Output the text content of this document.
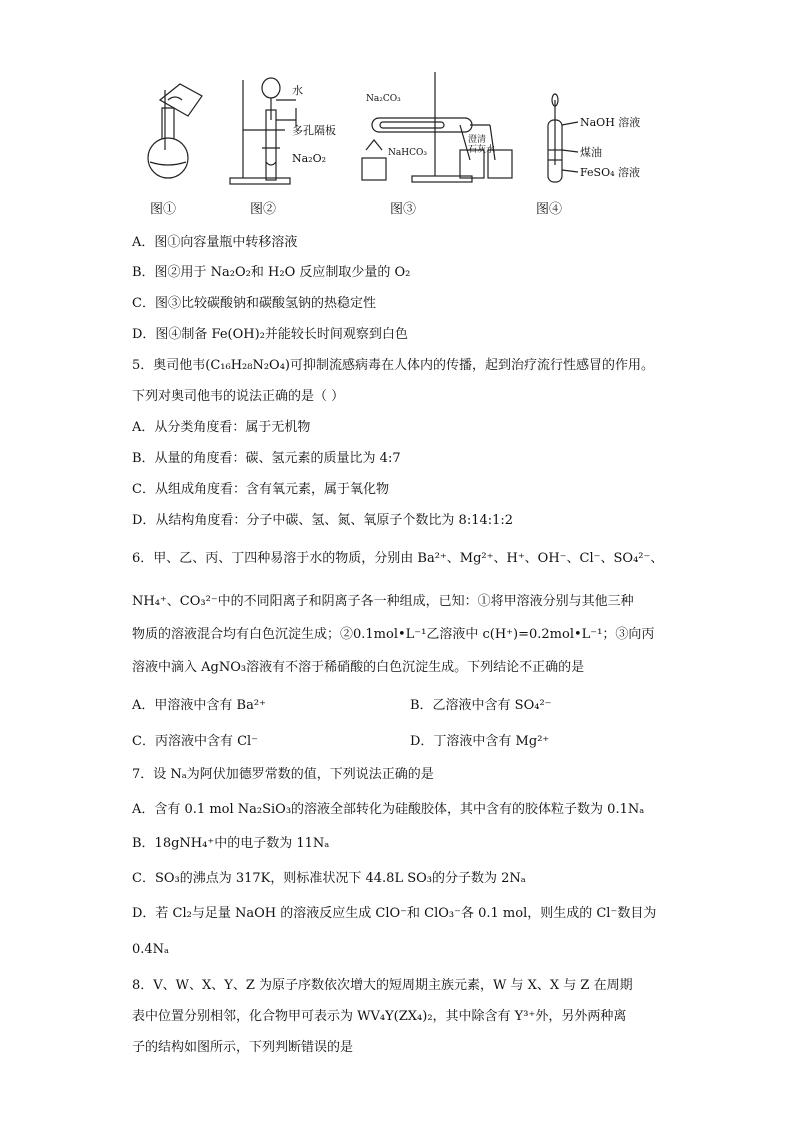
水
多孔隔板
Na₂O₂
Na₂CO₃
NaHCO₃
澄清
石灰水
NaOH 溶液
煤油
FeSO₄ 溶液
图①	图②	图③	图④
A．图①向容量瓶中转移溶液
B．图②用于 Na₂O₂和 H₂O 反应制取少量的 O₂
C．图③比较碳酸钠和碳酸氢钠的热稳定性
D．图④制备 Fe(OH)₂并能较长时间观察到白色
5．奥司他韦(C₁₆H₂₈N₂O₄)可抑制流感病毒在人体内的传播，起到治疗流行性感冒的作用。
下列对奥司他韦的说法正确的是（ ）
A．从分类角度看：属于无机物
B．从量的角度看：碳、氢元素的质量比为 4:7
C．从组成角度看：含有氧元素，属于氧化物
D．从结构角度看：分子中碳、氢、氮、氧原子个数比为 8:14:1:2
6．甲、乙、丙、丁四种易溶于水的物质，分别由 Ba²⁺、Mg²⁺、H⁺、OH⁻、Cl⁻、SO₄²⁻、
NH₄⁺、CO₃²⁻中的不同阳离子和阴离子各一种组成，已知：①将甲溶液分别与其他三种
物质的溶液混合均有白色沉淀生成；②0.1mol•L⁻¹乙溶液中 c(H⁺)=0.2mol•L⁻¹；③向丙
溶液中滴入 AgNO₃溶液有不溶于稀硝酸的白色沉淀生成。下列结论不正确的是
A．甲溶液中含有 Ba²⁺	B．乙溶液中含有 SO₄²⁻
C．丙溶液中含有 Cl⁻	D．丁溶液中含有 Mg²⁺
7．设 Nₐ为阿伏加德罗常数的值，下列说法正确的是
A．含有 0.1 mol Na₂SiO₃的溶液全部转化为硅酸胶体，其中含有的胶体粒子数为 0.1Nₐ
B．18gNH₄⁺中的电子数为 11Nₐ
C．SO₃的沸点为 317K，则标准状况下 44.8L SO₃的分子数为 2Nₐ
D．若 Cl₂与足量 NaOH 的溶液反应生成 ClO⁻和 ClO₃⁻各 0.1 mol，则生成的 Cl⁻数目为
0.4Nₐ
8．V、W、X、Y、Z 为原子序数依次增大的短周期主族元素，W 与 X、X 与 Z 在周期
表中位置分别相邻，化合物甲可表示为 WV₄Y(ZX₄)₂，其中除含有 Y³⁺外，另外两种离
子的结构如图所示，下列判断错误的是
